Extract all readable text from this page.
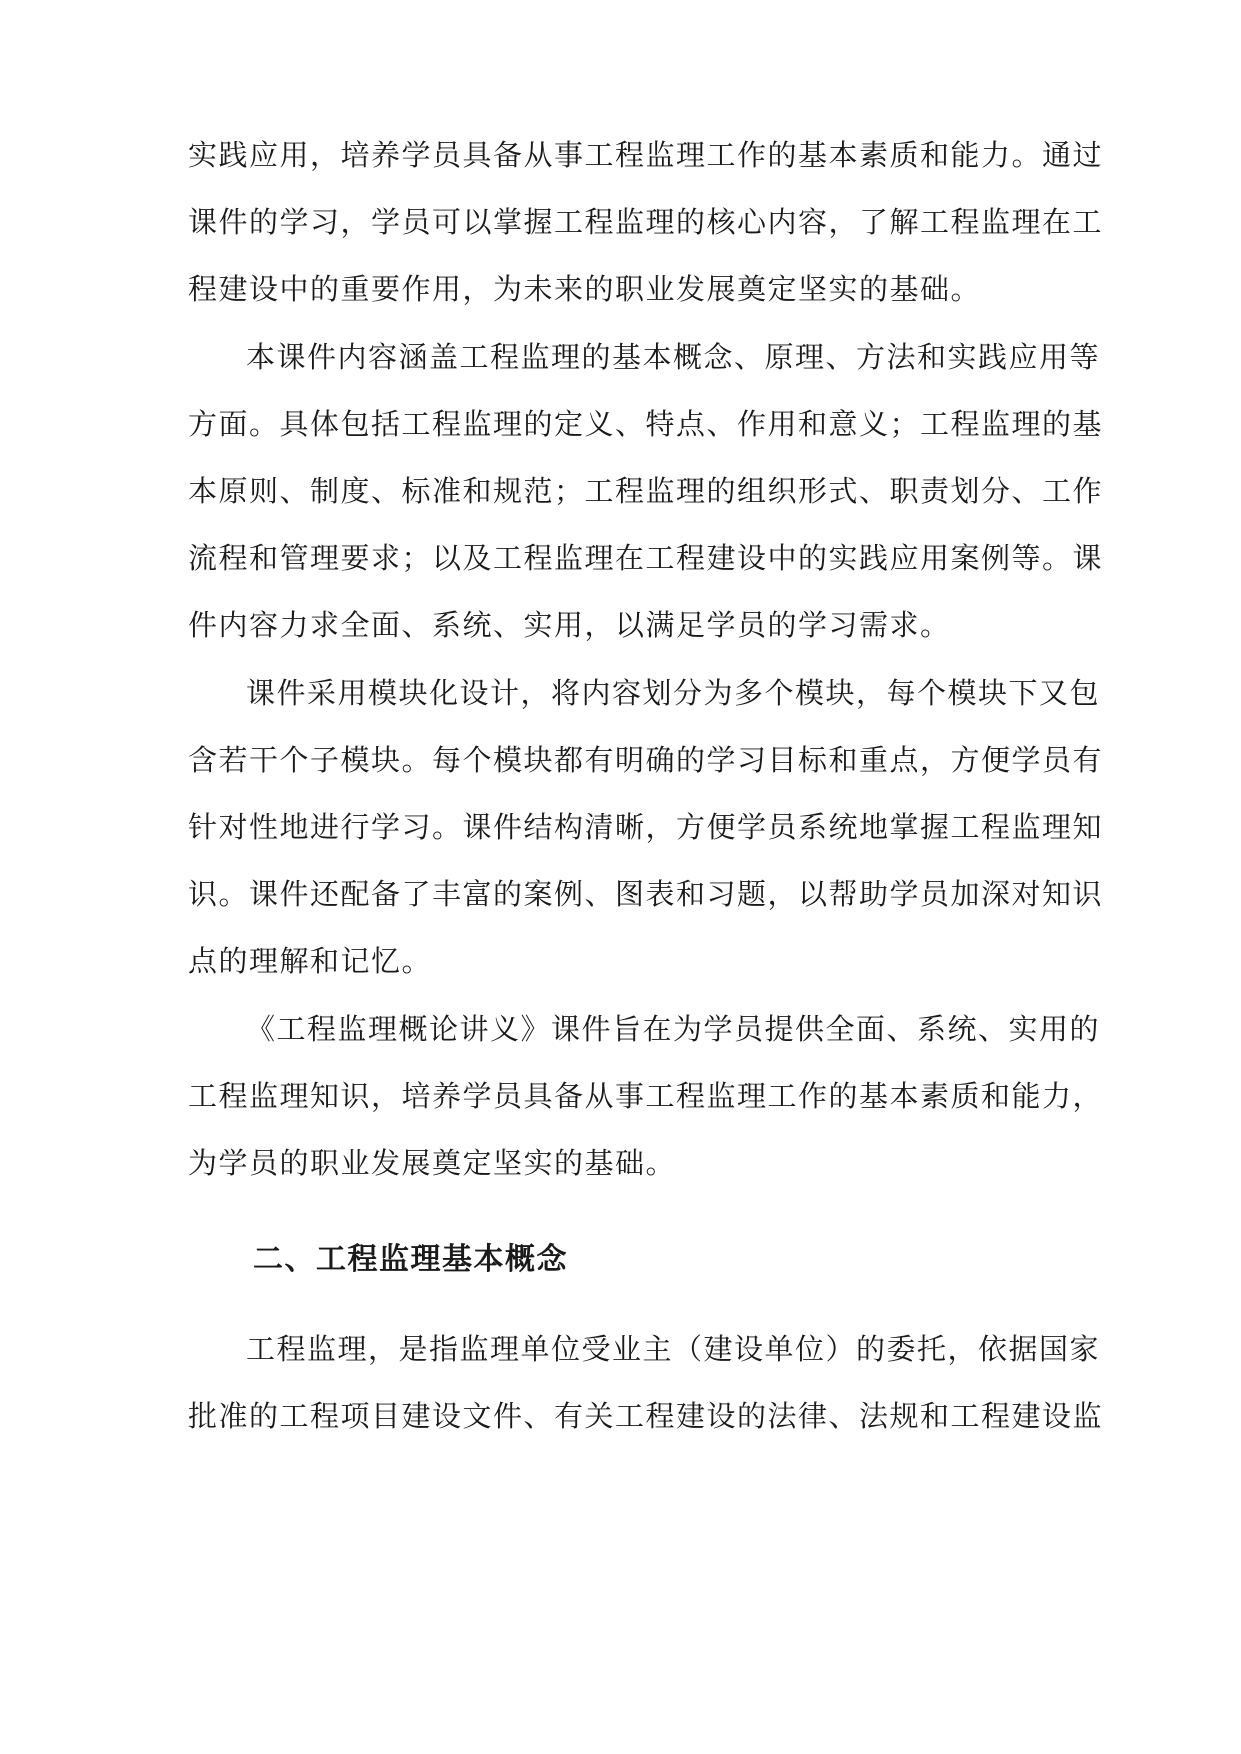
实践应用，培养学员具备从事工程监理工作的基本素质和能力。通过
课件的学习，学员可以掌握工程监理的核心内容，了解工程监理在工
程建设中的重要作用，为未来的职业发展奠定坚实的基础。
本课件内容涵盖工程监理的基本概念、原理、方法和实践应用等
方面。具体包括工程监理的定义、特点、作用和意义；工程监理的基
本原则、制度、标准和规范；工程监理的组织形式、职责划分、工作
流程和管理要求；以及工程监理在工程建设中的实践应用案例等。课
件内容力求全面、系统、实用，以满足学员的学习需求。
课件采用模块化设计，将内容划分为多个模块，每个模块下又包
含若干个子模块。每个模块都有明确的学习目标和重点，方便学员有
针对性地进行学习。课件结构清晰，方便学员系统地掌握工程监理知
识。课件还配备了丰富的案例、图表和习题，以帮助学员加深对知识
点的理解和记忆。
《工程监理概论讲义》课件旨在为学员提供全面、系统、实用的
工程监理知识，培养学员具备从事工程监理工作的基本素质和能力，
为学员的职业发展奠定坚实的基础。
二、工程监理基本概念
工程监理，是指监理单位受业主（建设单位）的委托，依据国家
批准的工程项目建设文件、有关工程建设的法律、法规和工程建设监
